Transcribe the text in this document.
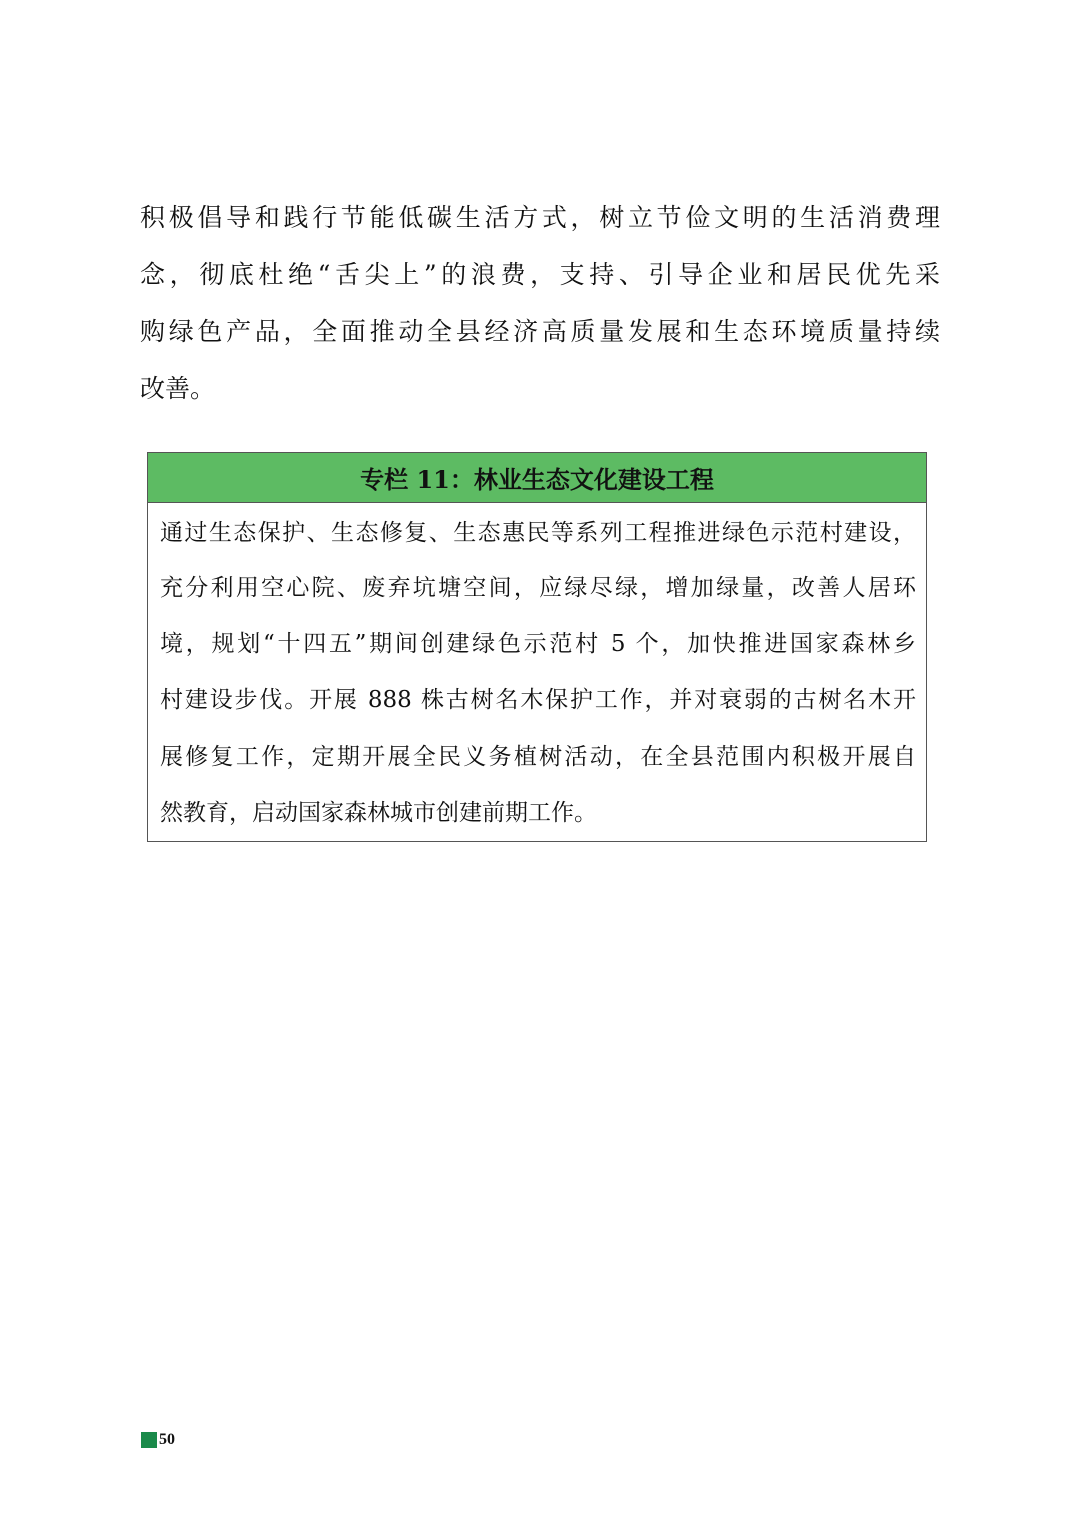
积极倡导和践行节能低碳生活方式，树立节俭文明的生活消费理
念，彻底杜绝“舌尖上”的浪费，支持、引导企业和居民优先采
购绿色产品，全面推动全县经济高质量发展和生态环境质量持续
改善。
专栏 11：林业生态文化建设工程
通过生态保护、生态修复、生态惠民等系列工程推进绿色示范村建设，
充分利用空心院、废弃坑塘空间，应绿尽绿，增加绿量，改善人居环
境，规划“十四五”期间创建绿色示范村 5 个，加快推进国家森林乡
村建设步伐。开展 888 株古树名木保护工作，并对衰弱的古树名木开
展修复工作，定期开展全民义务植树活动，在全县范围内积极开展自
然教育，启动国家森林城市创建前期工作。
50
